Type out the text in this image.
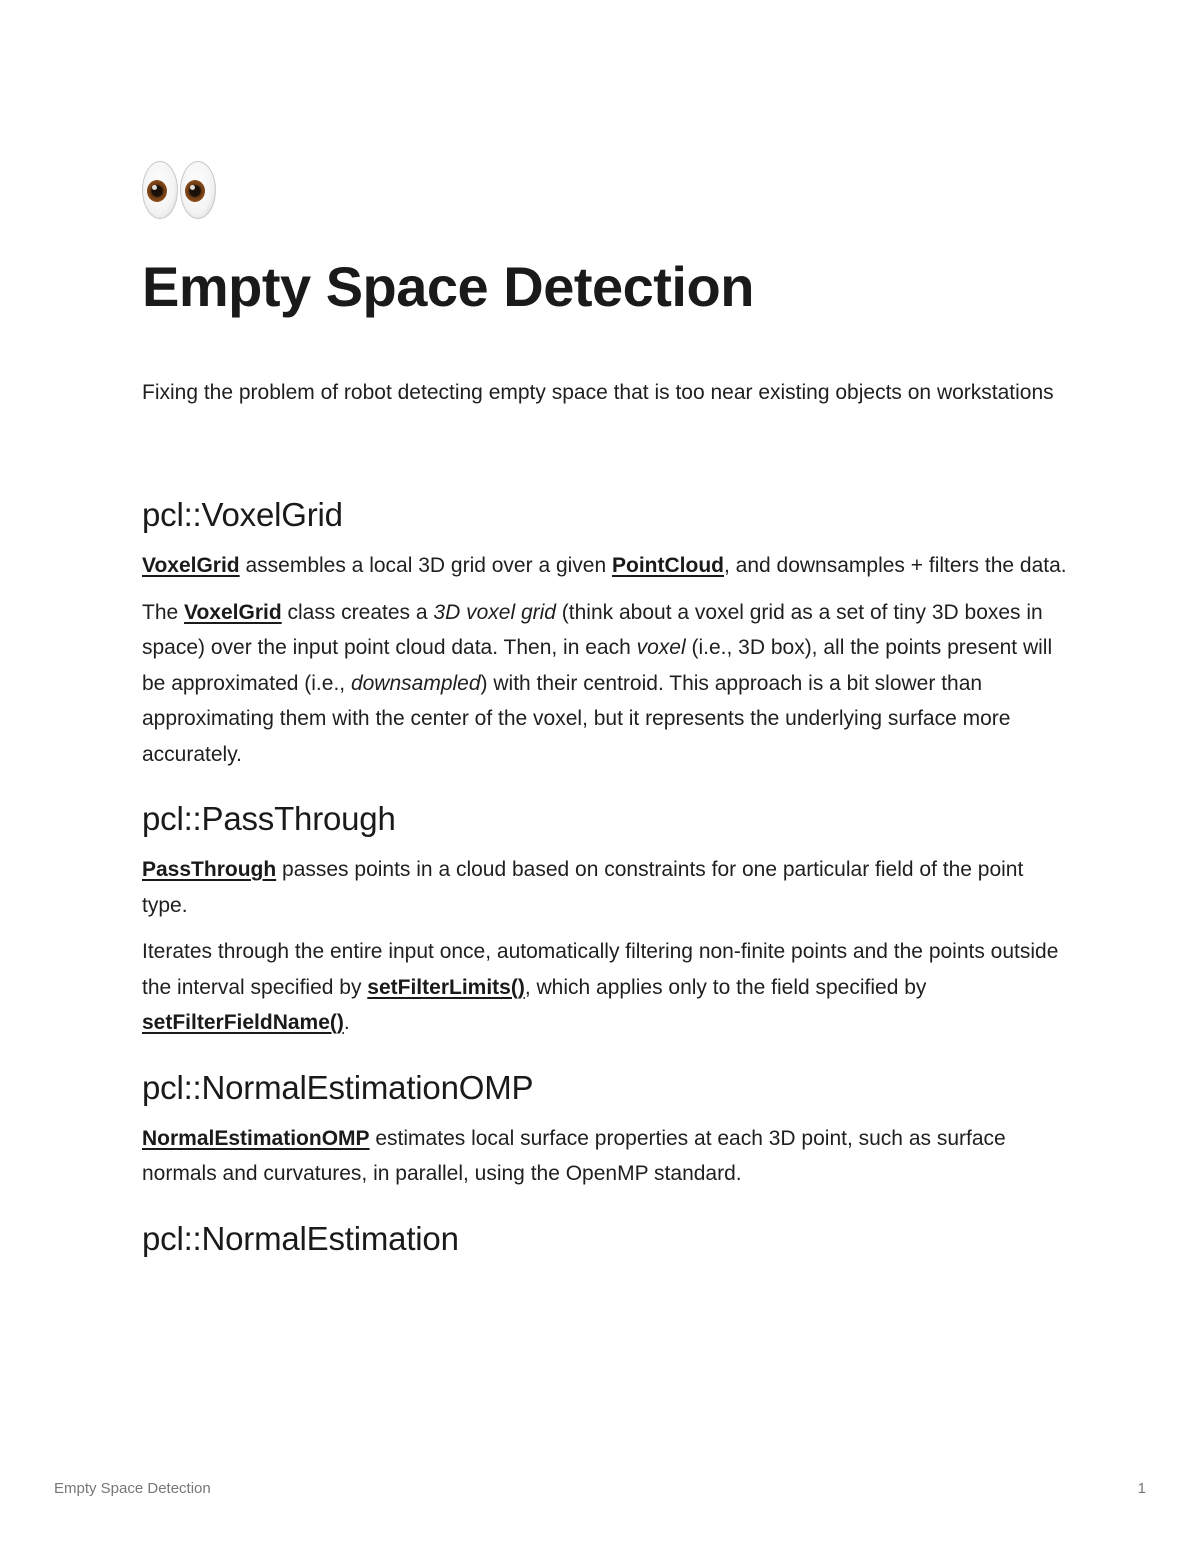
Empty Space Detection

Fixing the problem of robot detecting empty space that is too near existing objects on workstations

pcl::VoxelGrid

VoxelGrid assembles a local 3D grid over a given PointCloud, and downsamples + filters the data.

The VoxelGrid class creates a 3D voxel grid (think about a voxel grid as a set of tiny 3D boxes in space) over the input point cloud data. Then, in each voxel (i.e., 3D box), all the points present will be approximated (i.e., downsampled) with their centroid. This approach is a bit slower than approximating them with the center of the voxel, but it represents the underlying surface more accurately.

pcl::PassThrough

PassThrough passes points in a cloud based on constraints for one particular field of the point type.

Iterates through the entire input once, automatically filtering non-finite points and the points outside the interval specified by setFilterLimits(), which applies only to the field specified by setFilterFieldName().

pcl::NormalEstimationOMP

NormalEstimationOMP estimates local surface properties at each 3D point, such as surface normals and curvatures, in parallel, using the OpenMP standard.

pcl::NormalEstimation
Empty Space Detection	1
